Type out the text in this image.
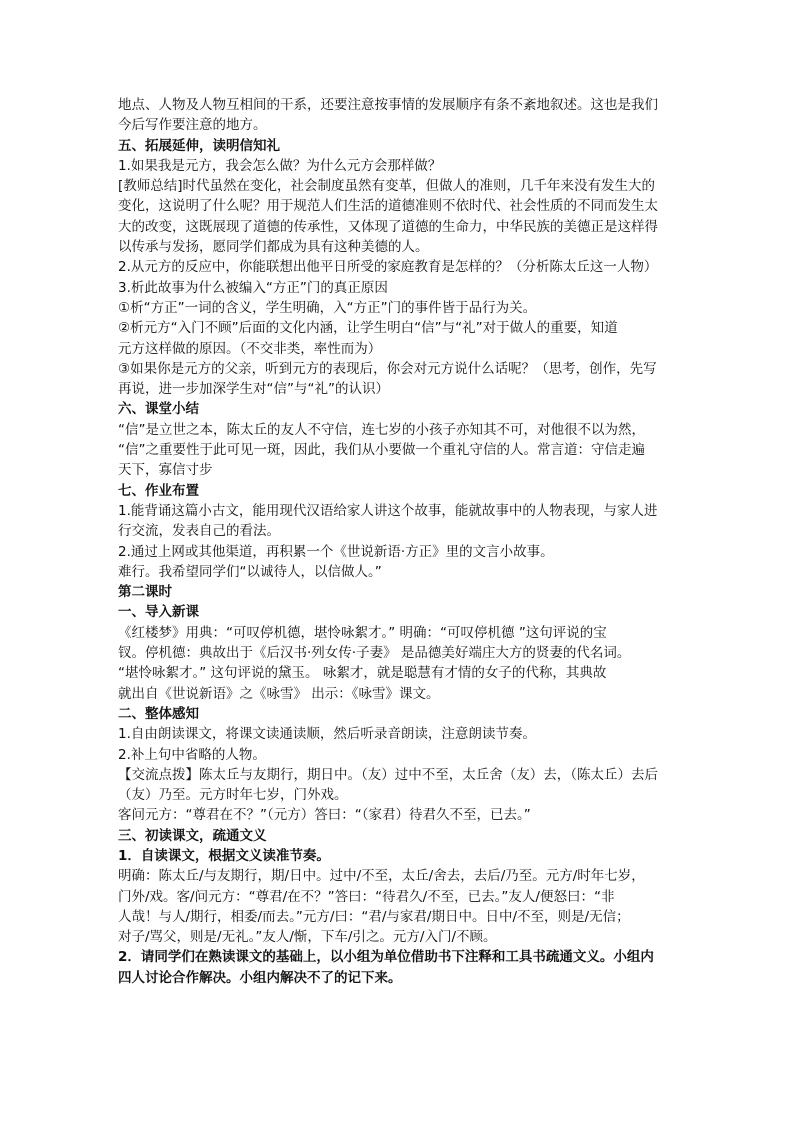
地点、人物及人物互相间的干系，还要注意按事情的发展顺序有条不紊地叙述。这也是我们
今后写作要注意的地方。
五、拓展延伸，读明信知礼
1.如果我是元方，我会怎么做？为什么元方会那样做？
[教师总结]时代虽然在变化，社会制度虽然有变革，但做人的准则，几千年来没有发生大的
变化，这说明了什么呢？用于规范人们生活的道德准则不依时代、社会性质的不同而发生太
大的改变，这既展现了道德的传承性，又体现了道德的生命力，中华民族的美德正是这样得
以传承与发扬，愿同学们都成为具有这种美德的人。
2.从元方的反应中，你能联想出他平日所受的家庭教育是怎样的？（分析陈太丘这一人物）
3.析此故事为什么被编入“方正”门的真正原因
①析“方正”一词的含义，学生明确，入“方正”门的事件皆于品行为关。
②析元方“入门不顾”后面的文化内涵，让学生明白“信”与“礼”对于做人的重要，知道
元方这样做的原因。（不交非类，率性而为）
③如果你是元方的父亲，听到元方的表现后，你会对元方说什么话呢？（思考，创作，先写
再说，进一步加深学生对“信”与“礼”的认识）
六、课堂小结
“信”是立世之本，陈太丘的友人不守信，连七岁的小孩子亦知其不可，对他很不以为然，
“信”之重要性于此可见一斑，因此，我们从小要做一个重礼守信的人。常言道：守信走遍
天下，寡信寸步
七、作业布置
1.能背诵这篇小古文，能用现代汉语给家人讲这个故事，能就故事中的人物表现，与家人进
行交流，发表自己的看法。
2.通过上网或其他渠道，再积累一个《世说新语·方正》里的文言小故事。
难行。我希望同学们“以诚待人，以信做人。”
第二课时
一、导入新课
《红楼梦》用典：“可叹停机德，堪怜咏絮才。” 明确：“可叹停机德 ”这句评说的宝
钗。停机德：典故出于《后汉书·列女传·子妻》 是品德美好端庄大方的贤妻的代名词。
“堪怜咏絮才。” 这句评说的黛玉。 咏絮才，就是聪慧有才情的女子的代称，其典故
就出自《世说新语》之《咏雪》 出示：《咏雪》课文。
二、整体感知
1.自由朗读课文，将课文读通读顺，然后听录音朗读，注意朗读节奏。
2.补上句中省略的人物。
【交流点拨】陈太丘与友期行，期日中。（友）过中不至，太丘舍（友）去，（陈太丘）去后
（友）乃至。元方时年七岁，门外戏。
客问元方：“尊君在不？”（元方）答曰：“（家君）待君久不至，已去。”
三、初读课文，疏通文义
1．自读课文，根据文义读准节奏。
明确：陈太丘/与友期行，期/日中。过中/不至，太丘/舍去，去后/乃至。元方/时年七岁，
门外/戏。客/问元方：“尊君/在不？”答曰：“待君久/不至，已去。”友人/便怒曰：“非
人哉！与人/期行，相委/而去。”元方/曰：“君/与家君/期日中。日中/不至，则是/无信；
对子/骂父，则是/无礼。”友人/惭，下车/引之。元方/入门/不顾。
2．请同学们在熟读课文的基础上，以小组为单位借助书下注释和工具书疏通文义。小组内
四人讨论合作解决。小组内解决不了的记下来。
